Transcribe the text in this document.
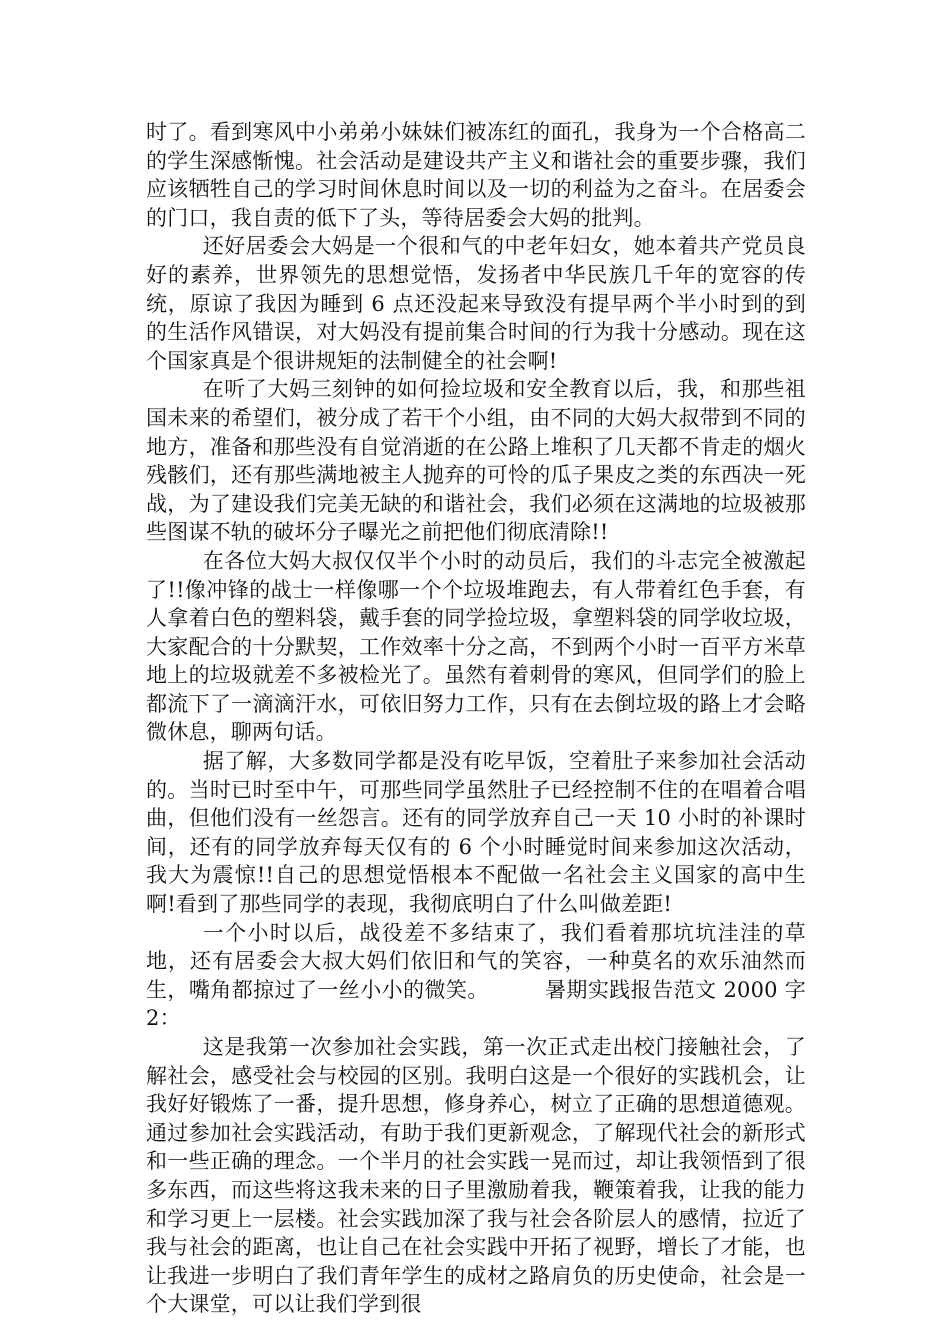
时了。看到寒风中小弟弟小妹妹们被冻红的面孔，我身为一个合格高二的学生深感惭愧。社会活动是建设共产主义和谐社会的重要步骤，我们应该牺牲自己的学习时间休息时间以及一切的利益为之奋斗。在居委会的门口，我自责的低下了头，等待居委会大妈的批判。

还好居委会大妈是一个很和气的中老年妇女，她本着共产党员良好的素养，世界领先的思想觉悟，发扬者中华民族几千年的宽容的传统，原谅了我因为睡到 6 点还没起来导致没有提早两个半小时到的到的生活作风错误，对大妈没有提前集合时间的行为我十分感动。现在这个国家真是个很讲规矩的法制健全的社会啊!

在听了大妈三刻钟的如何捡垃圾和安全教育以后，我，和那些祖国未来的希望们，被分成了若干个小组，由不同的大妈大叔带到不同的地方，准备和那些没有自觉消逝的在公路上堆积了几天都不肯走的烟火残骸们，还有那些满地被主人抛弃的可怜的瓜子果皮之类的东西决一死战，为了建设我们完美无缺的和谐社会，我们必须在这满地的垃圾被那些图谋不轨的破坏分子曝光之前把他们彻底清除!!

在各位大妈大叔仅仅半个小时的动员后，我们的斗志完全被激起了!!像冲锋的战士一样像哪一个个垃圾堆跑去，有人带着红色手套，有人拿着白色的塑料袋，戴手套的同学捡垃圾，拿塑料袋的同学收垃圾，大家配合的十分默契，工作效率十分之高，不到两个小时一百平方米草地上的垃圾就差不多被检光了。虽然有着刺骨的寒风，但同学们的脸上都流下了一滴滴汗水，可依旧努力工作，只有在去倒垃圾的路上才会略微休息，聊两句话。

据了解，大多数同学都是没有吃早饭，空着肚子来参加社会活动的。当时已时至中午，可那些同学虽然肚子已经控制不住的在唱着合唱曲，但他们没有一丝怨言。还有的同学放弃自己一天 10 小时的补课时间，还有的同学放弃每天仅有的 6 个小时睡觉时间来参加这次活动，我大为震惊!!自己的思想觉悟根本不配做一名社会主义国家的高中生啊!看到了那些同学的表现，我彻底明白了什么叫做差距!

一个小时以后，战役差不多结束了，我们看着那坑坑洼洼的草地，还有居委会大叔大妈们依旧和气的笑容，一种莫名的欢乐油然而生，嘴角都掠过了一丝小小的微笑。	暑期实践报告范文 2000 字 2：

这是我第一次参加社会实践，第一次正式走出校门接触社会，了解社会，感受社会与校园的区别。我明白这是一个很好的实践机会，让我好好锻炼了一番，提升思想，修身养心，树立了正确的思想道德观。通过参加社会实践活动，有助于我们更新观念，了解现代社会的新形式和一些正确的理念。一个半月的社会实践一晃而过，却让我领悟到了很多东西，而这些将这我未来的日子里激励着我，鞭策着我，让我的能力和学习更上一层楼。社会实践加深了我与社会各阶层人的感情，拉近了我与社会的距离，也让自己在社会实践中开拓了视野，增长了才能，也让我进一步明白了我们青年学生的成材之路肩负的历史使命，社会是一个大课堂，可以让我们学到很
